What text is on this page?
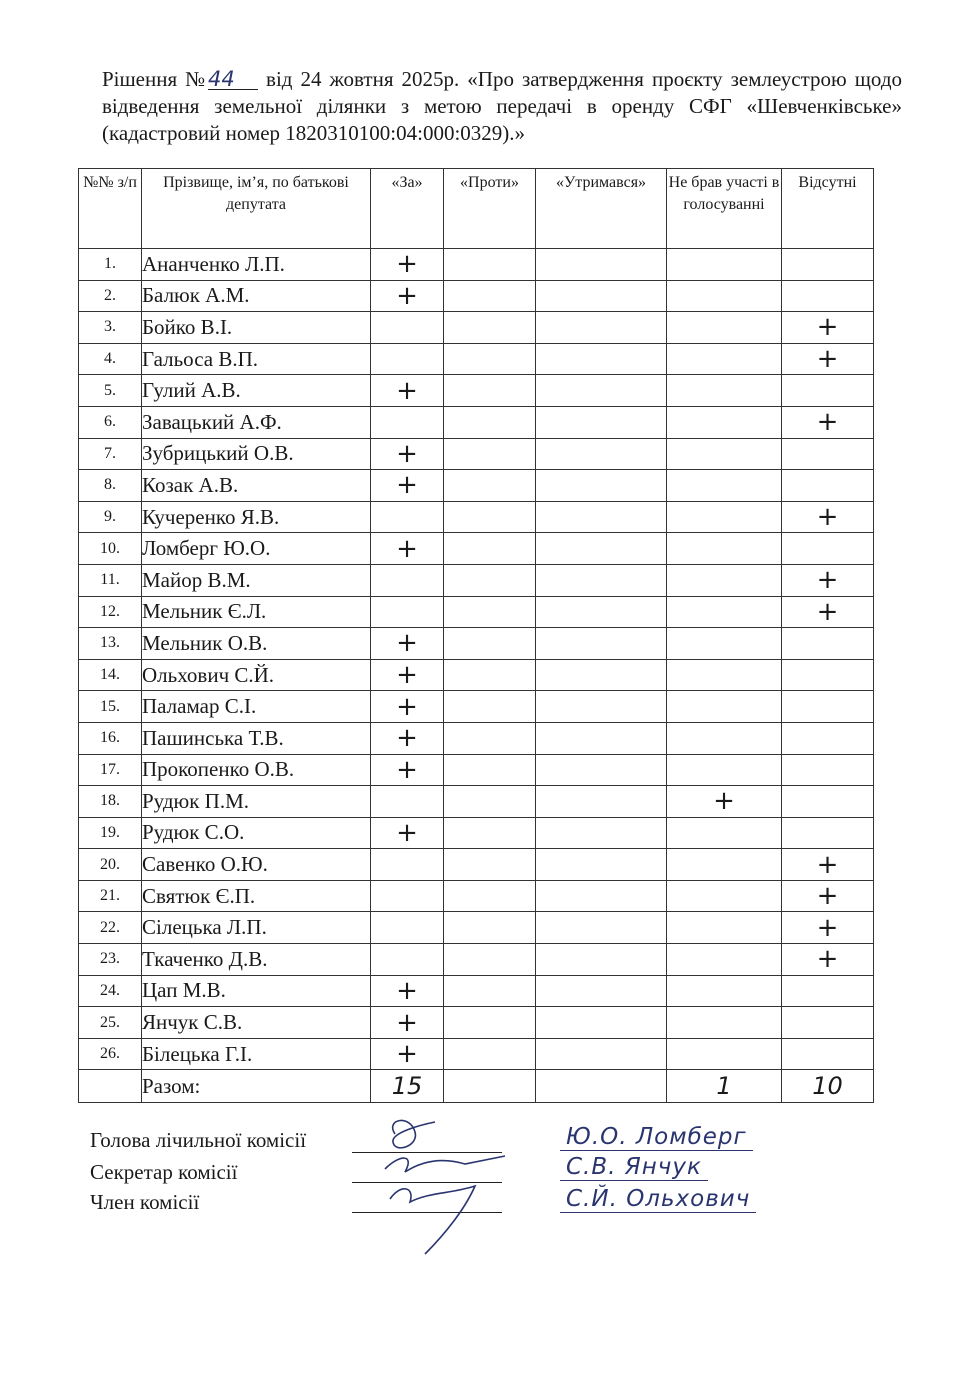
Рішення №44 від 24 жовтня 2025р. «Про затвердження проєкту землеустрою щодо відведення земельної ділянки з метою передачі в оренду СФГ «Шевченківське» (кадастровий номер 1820310100:04:000:0329).»
№№ з/п	Прізвище, ім’я, по батькові депутата	«За»	«Проти»	«Утримався»	Не брав участі в голосуванні	Відсутні
1.	Ананченко Л.П.	+				
2.	Балюк А.М.	+				
3.	Бойко В.І.					+
4.	Гальоса В.П.					+
5.	Гулий А.В.	+				
6.	Завацький А.Ф.					+
7.	Зубрицький О.В.	+				
8.	Козак А.В.	+				
9.	Кучеренко Я.В.					+
10.	Ломберг Ю.О.	+				
11.	Майор В.М.					+
12.	Мельник Є.Л.					+
13.	Мельник О.В.	+				
14.	Ольхович С.Й.	+				
15.	Паламар С.І.	+				
16.	Пашинська Т.В.	+				
17.	Прокопенко О.В.	+				
18.	Рудюк П.М.				+	
19.	Рудюк С.О.	+				
20.	Савенко О.Ю.					+
21.	Святюк Є.П.					+
22.	Сілецька Л.П.					+
23.	Ткаченко Д.В.					+
24.	Цап М.В.	+				
25.	Янчук С.В.	+				
26.	Білецька Г.І.	+				
	Разом:	15			1	10
Голова лічильної комісії	Ю.О. Ломберг
Секретар комісії	С.В. Янчук
Член комісії	С.Й. Ольхович
